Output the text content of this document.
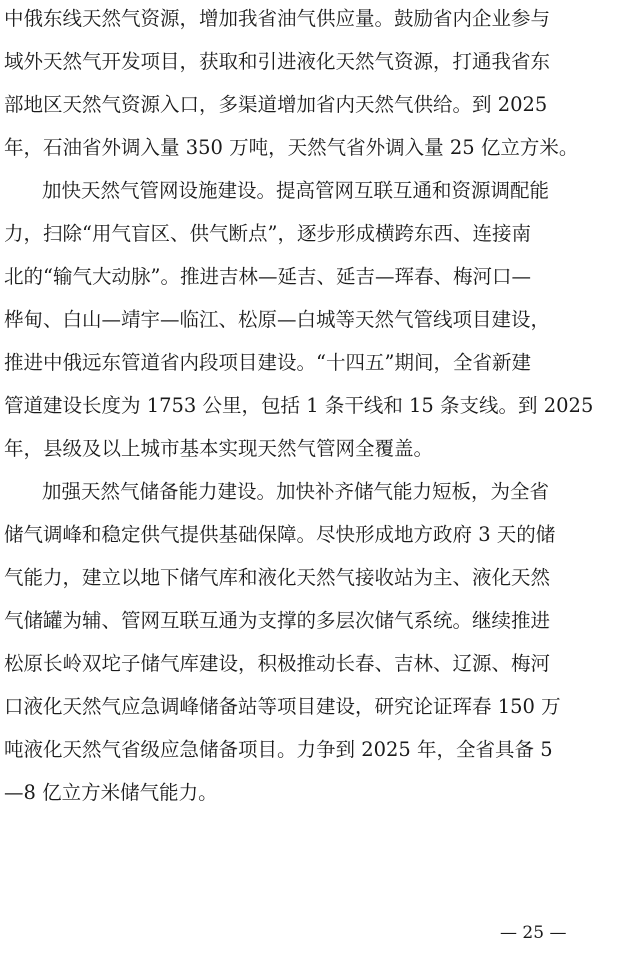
中俄东线天然气资源，增加我省油气供应量。鼓励省内企业参与
域外天然气开发项目，获取和引进液化天然气资源，打通我省东
部地区天然气资源入口，多渠道增加省内天然气供给。到 2025
年，石油省外调入量 350 万吨，天然气省外调入量 25 亿立方米。
加快天然气管网设施建设。提高管网互联互通和资源调配能
力，扫除“用气盲区、供气断点”，逐步形成横跨东西、连接南
北的“输气大动脉”。推进吉林—延吉、延吉—珲春、梅河口—
桦甸、白山—靖宇—临江、松原—白城等天然气管线项目建设，
推进中俄远东管道省内段项目建设。“十四五”期间，全省新建
管道建设长度为 1753 公里，包括 1 条干线和 15 条支线。到 2025
年，县级及以上城市基本实现天然气管网全覆盖。
加强天然气储备能力建设。加快补齐储气能力短板，为全省
储气调峰和稳定供气提供基础保障。尽快形成地方政府 3 天的储
气能力，建立以地下储气库和液化天然气接收站为主、液化天然
气储罐为辅、管网互联互通为支撑的多层次储气系统。继续推进
松原长岭双坨子储气库建设，积极推动长春、吉林、辽源、梅河
口液化天然气应急调峰储备站等项目建设，研究论证珲春 150 万
吨液化天然气省级应急储备项目。力争到 2025 年，全省具备 5
—8 亿立方米储气能力。
— 25 —
